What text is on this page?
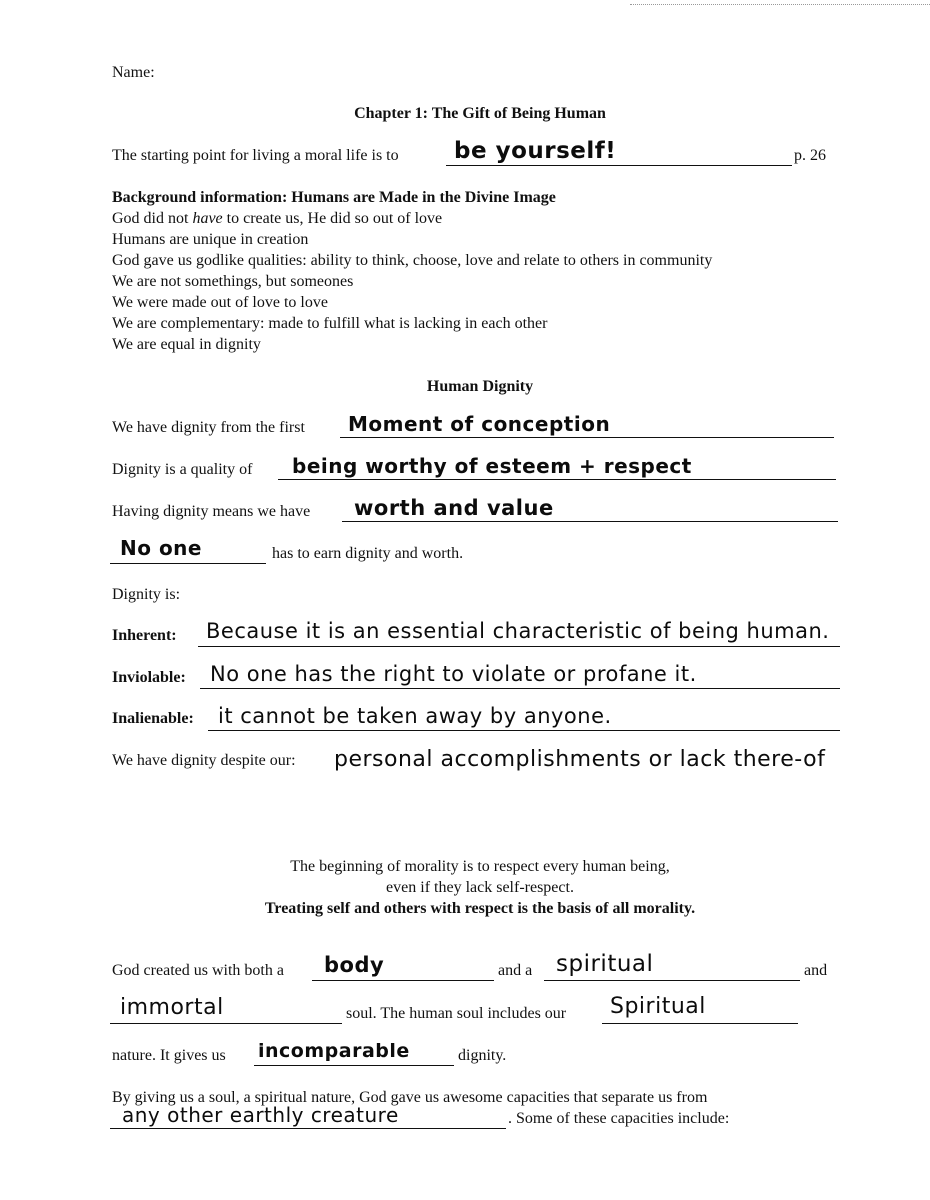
Name:
Chapter 1: The Gift of Being Human
The starting point for living a moral life is to be yourself!	p. 26
Background information: Humans are Made in the Divine Image
God did not have to create us, He did so out of love
Humans are unique in creation
God gave us godlike qualities: ability to think, choose, love and relate to others in community
We are not somethings, but someones
We were made out of love to love
We are complementary: made to fulfill what is lacking in each other
We are equal in dignity
Human Dignity
We have dignity from the first Moment of conception
Dignity is a quality of being worthy of esteem + respect
Having dignity means we have worth and value
No one	has to earn dignity and worth.
Dignity is:
Inherent: Because it is an essential characteristic of being human.
Inviolable: No one has the right to violate or profane it.
Inalienable: it cannot be taken away by anyone.
We have dignity despite our: personal accomplishments or lack there-of
The beginning of morality is to respect every human being,
even if they lack self-respect.
Treating self and others with respect is the basis of all morality.
God created us with both a body	and a spiritual	and
immortal	soul. The human soul includes our Spiritual
nature. It gives us incomparable	dignity.
By giving us a soul, a spiritual nature, God gave us awesome capacities that separate us from
any other earthly creature	. Some of these capacities include:
